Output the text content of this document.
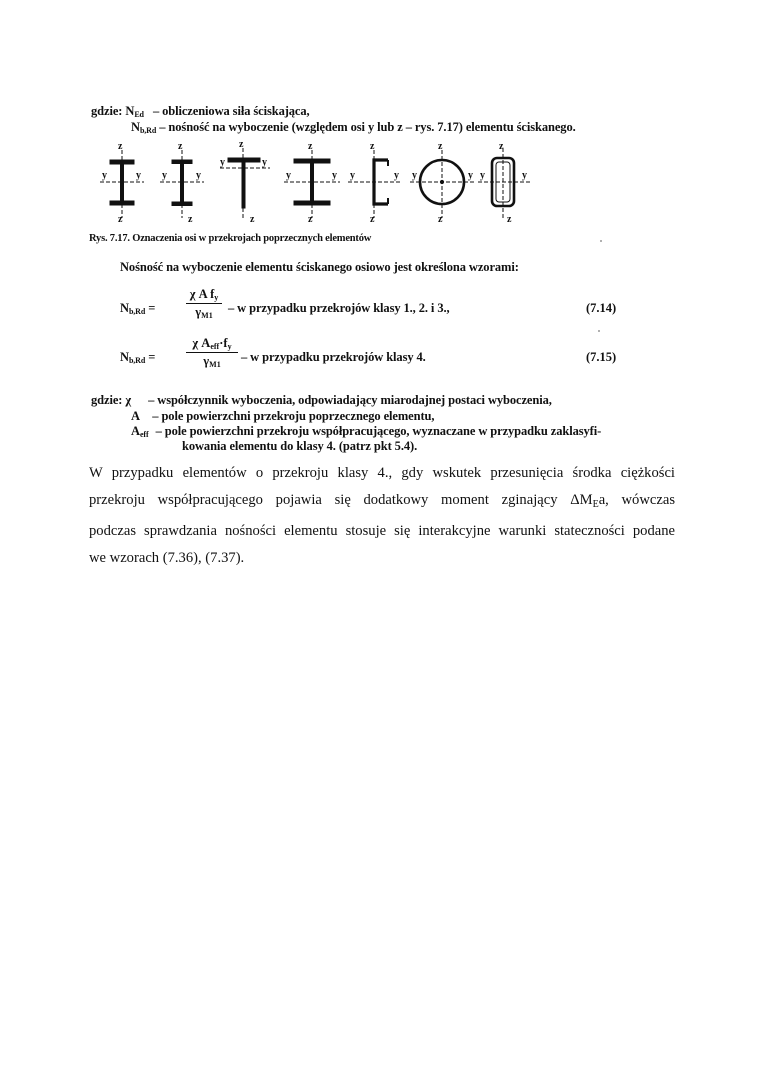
gdzie: $N_{Ed}$ – obliczeniowa siła ściskająca,
$N_{b,Rd}$ – nośność na wyboczenie (względem osi y lub z – rys. 7.17) elementu ściskanego.
z
z
y	y
z
z
y	y
z
z
y	y
z
z
y	y
z
z
y	y
z
z
y	y
z
z
y	y
Rys. 7.17. Oznaczenia osi w przekrojach poprzecznych elementów
Nośność na wyboczenie elementu ściskanego osiowo jest określona wzorami:
$N_{b,Rd}$ =
χ A $f_y$
$\gamma_{M1}$
– w przypadku przekrojów klasy 1., 2. i 3.,	(7.14)
$N_{b,Rd}$ =
χ $A_{eff}\cdot f_y$
$\gamma_{M1}$
– w przypadku przekrojów klasy 4.	(7.15)
gdzie: χ – współczynnik wyboczenia, odpowiadający miarodajnej postaci wyboczenia,
A – pole powierzchni przekroju poprzecznego elementu,
$A_{eff}$ – pole powierzchni przekroju współpracującego, wyznaczane w przypadku zaklasyfi-
kowania elementu do klasy 4. (patrz pkt 5.4).
W przypadku elementów o przekroju klasy 4., gdy wskutek przesunięcia środka ciężkości
przekroju współpracującego pojawia się dodatkowy moment zginający $\Delta M_Ea$, wówczas
podczas sprawdzania nośności elementu stosuje się interakcyjne warunki stateczności podane
we wzorach (7.36), (7.37).
